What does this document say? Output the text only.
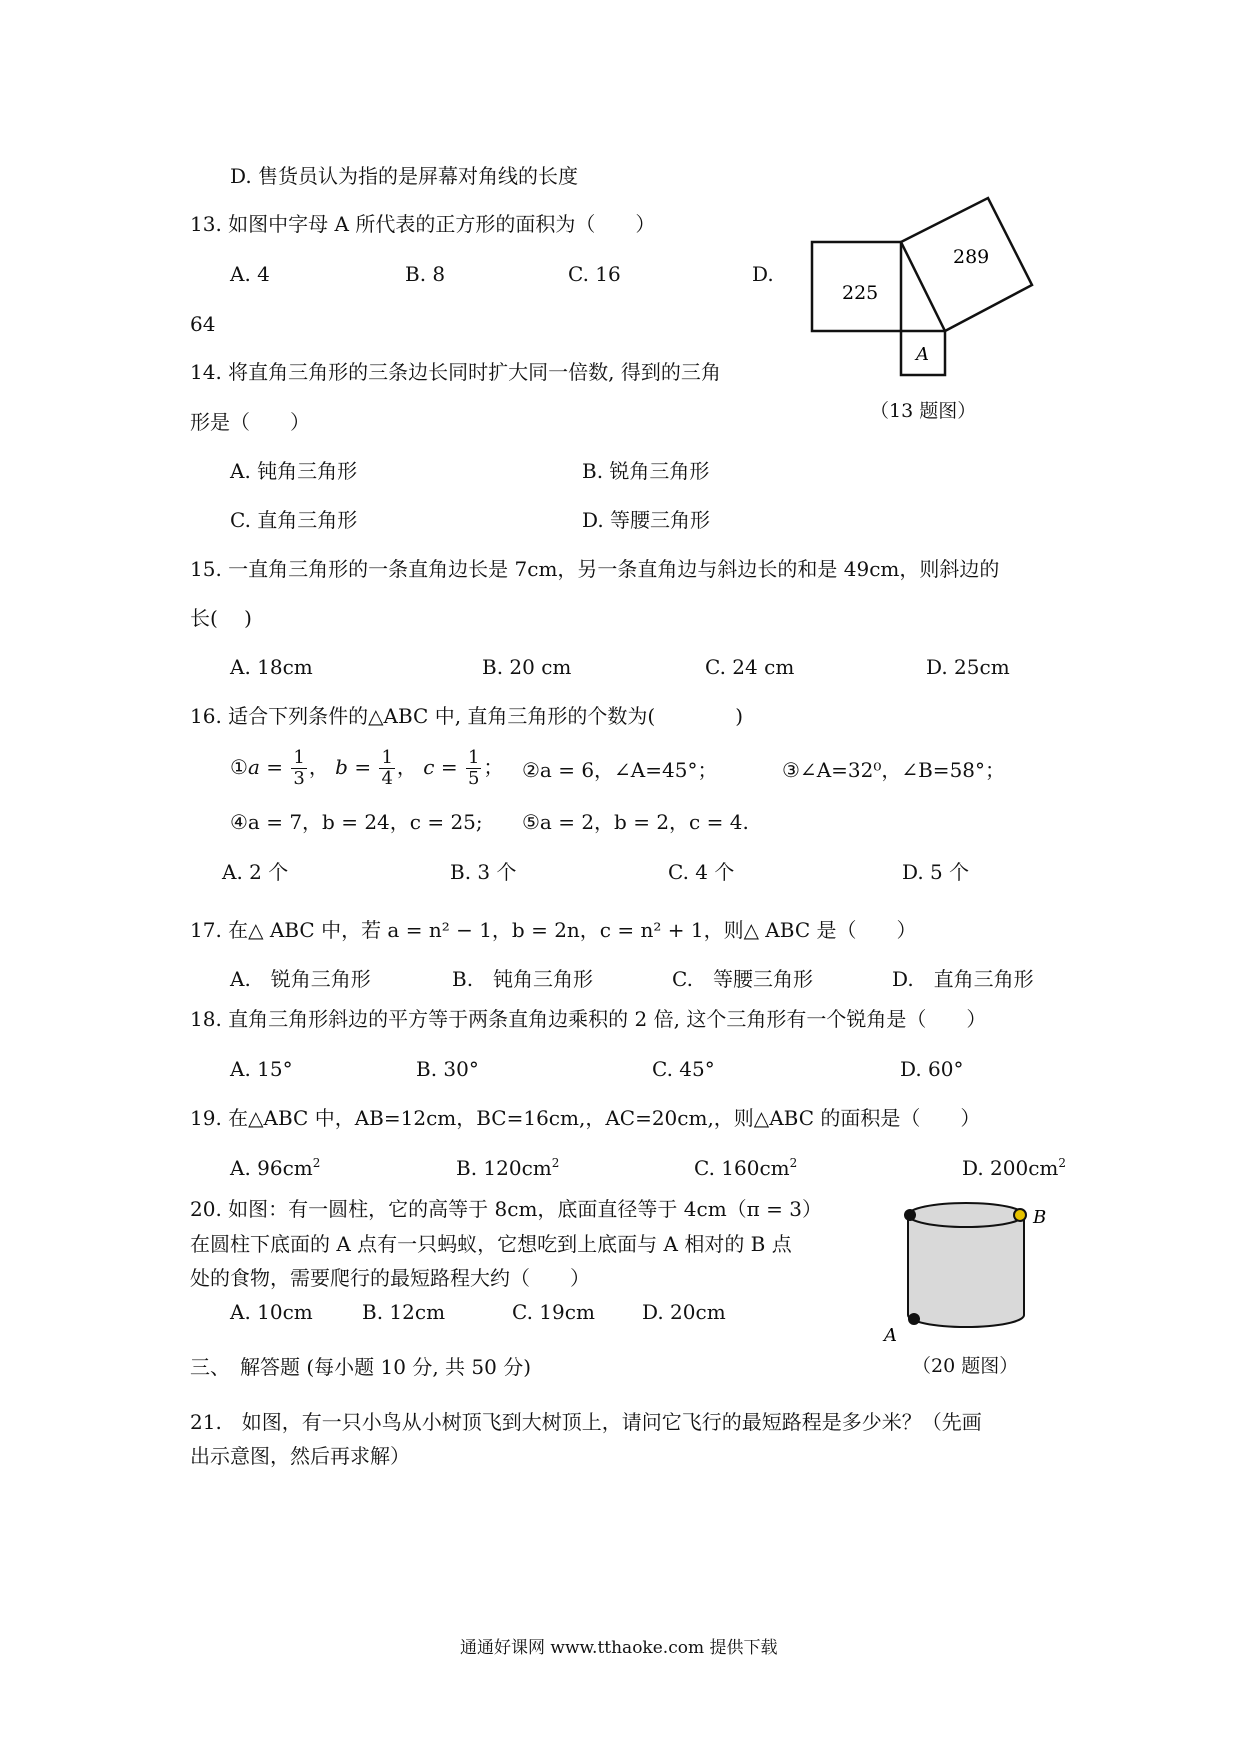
D. 售货员认为指的是屏幕对角线的长度
13. 如图中字母 A 所代表的正方形的面积为（　　）
A. 4	B. 8	C. 16	D.
64
225
289
A
（13 题图）
14. 将直角三角形的三条边长同时扩大同一倍数, 得到的三角
形是（　　）
A. 钝角三角形	B. 锐角三角形
C. 直角三角形	D. 等腰三角形
15. 一直角三角形的一条直角边长是 7cm，另一条直角边与斜边长的和是 49cm，则斜边的
长(　 )
A. 18cm	B. 20 cm	C. 24 cm	D. 25cm
16. 适合下列条件的△ABC 中, 直角三角形的个数为(　　　　)
①a = $\frac{1}{3}$ ， $b = \frac{1}{4}$ ， $c = \frac{1}{5}$ ； ②a = 6，∠A=45°；	③∠A=32⁰，∠B=58°；
④a = 7，b = 24，c = 25; ⑤a = 2，b = 2，c = 4.
A. 2 个	B. 3 个	C. 4 个	D. 5 个
17. 在△ ABC 中，若 a = n² − 1，b = 2n，c = n² + 1，则△ ABC 是（　　）
A.　锐角三角形	B.　钝角三角形	C.　等腰三角形	D.　直角三角形
18. 直角三角形斜边的平方等于两条直角边乘积的 2 倍, 这个三角形有一个锐角是（　　）
A. 15°	B. 30°	C. 45°	D. 60°
19. 在△ABC 中，AB=12cm，BC=16cm,，AC=20cm,，则△ABC 的面积是（　　）
A. $96cm^2$	B. $120cm^2$	C. $160cm^2$	D. $200cm^2$
20. 如图：有一圆柱，它的高等于 8cm，底面直径等于 4cm（π = 3）
在圆柱下底面的 A 点有一只蚂蚁，它想吃到上底面与 A 相对的 B 点
处的食物，需要爬行的最短路程大约（　　）
A. 10cm B. 12cm	C. 19cm D. 20cm
B
A
（20 题图）
三、　解答题 (每小题 10 分, 共 50 分)
21.　如图，有一只小鸟从小树顶飞到大树顶上，请问它飞行的最短路程是多少米？（先画
出示意图，然后再求解）
通通好课网 www.tthaoke.com 提供下载
